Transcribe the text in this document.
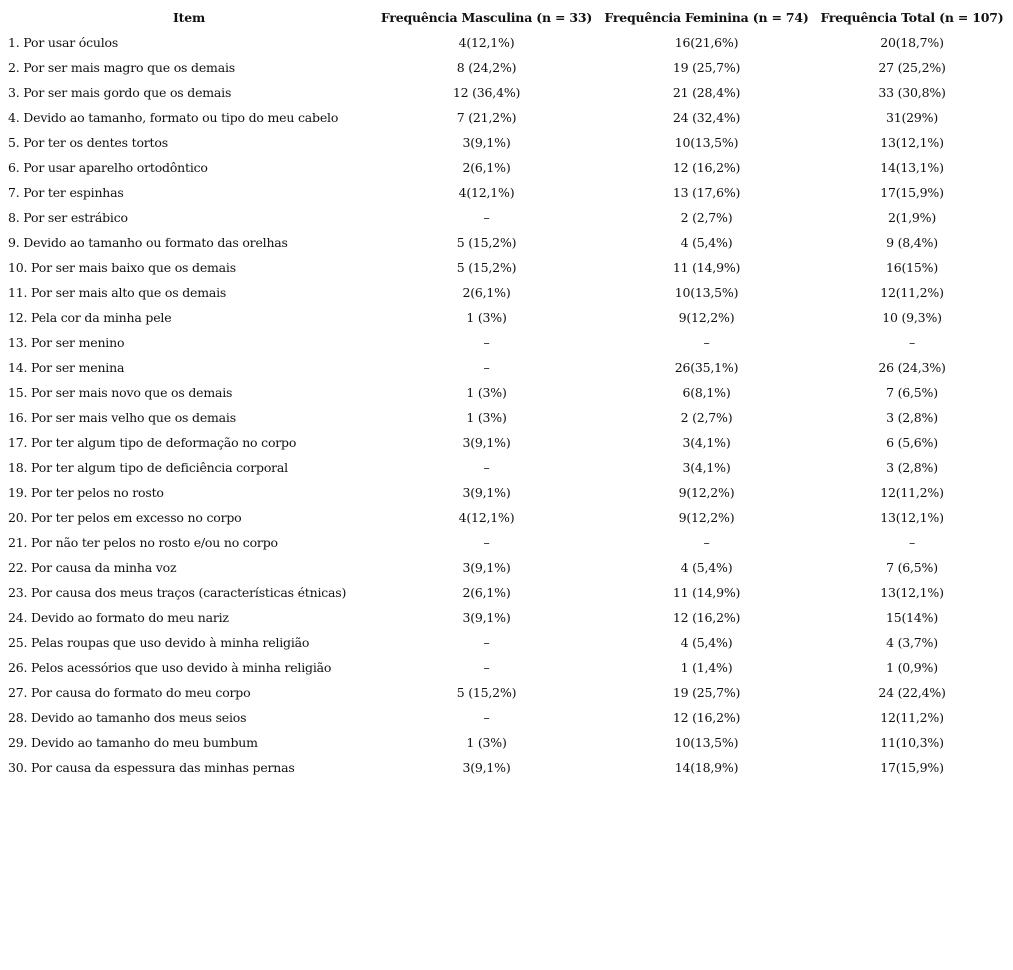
Item	Frequência Masculina (n = 33)	Frequência Feminina (n = 74)	Frequência Total (n = 107)
1. Por usar óculos	4(12,1%)	16(21,6%)	20(18,7%)
2. Por ser mais magro que os demais	8 (24,2%)	19 (25,7%)	27 (25,2%)
3. Por ser mais gordo que os demais	12 (36,4%)	21 (28,4%)	33 (30,8%)
4. Devido ao tamanho, formato ou tipo do meu cabelo	7 (21,2%)	24 (32,4%)	31(29%)
5. Por ter os dentes tortos	3(9,1%)	10(13,5%)	13(12,1%)
6. Por usar aparelho ortodôntico	2(6,1%)	12 (16,2%)	14(13,1%)
7. Por ter espinhas	4(12,1%)	13 (17,6%)	17(15,9%)
8. Por ser estrábico	–	2 (2,7%)	2(1,9%)
9. Devido ao tamanho ou formato das orelhas	5 (15,2%)	4 (5,4%)	9 (8,4%)
10. Por ser mais baixo que os demais	5 (15,2%)	11 (14,9%)	16(15%)
11. Por ser mais alto que os demais	2(6,1%)	10(13,5%)	12(11,2%)
12. Pela cor da minha pele	1 (3%)	9(12,2%)	10 (9,3%)
13. Por ser menino	–	–	–
14. Por ser menina	–	26(35,1%)	26 (24,3%)
15. Por ser mais novo que os demais	1 (3%)	6(8,1%)	7 (6,5%)
16. Por ser mais velho que os demais	1 (3%)	2 (2,7%)	3 (2,8%)
17. Por ter algum tipo de deformação no corpo	3(9,1%)	3(4,1%)	6 (5,6%)
18. Por ter algum tipo de deficiência corporal	–	3(4,1%)	3 (2,8%)
19. Por ter pelos no rosto	3(9,1%)	9(12,2%)	12(11,2%)
20. Por ter pelos em excesso no corpo	4(12,1%)	9(12,2%)	13(12,1%)
21. Por não ter pelos no rosto e/ou no corpo	–	–	–
22. Por causa da minha voz	3(9,1%)	4 (5,4%)	7 (6,5%)
23. Por causa dos meus traços (características étnicas)	2(6,1%)	11 (14,9%)	13(12,1%)
24. Devido ao formato do meu nariz	3(9,1%)	12 (16,2%)	15(14%)
25. Pelas roupas que uso devido à minha religião	–	4 (5,4%)	4 (3,7%)
26. Pelos acessórios que uso devido à minha religião	–	1 (1,4%)	1 (0,9%)
27. Por causa do formato do meu corpo	5 (15,2%)	19 (25,7%)	24 (22,4%)
28. Devido ao tamanho dos meus seios	–	12 (16,2%)	12(11,2%)
29. Devido ao tamanho do meu bumbum	1 (3%)	10(13,5%)	11(10,3%)
30. Por causa da espessura das minhas pernas	3(9,1%)	14(18,9%)	17(15,9%)
